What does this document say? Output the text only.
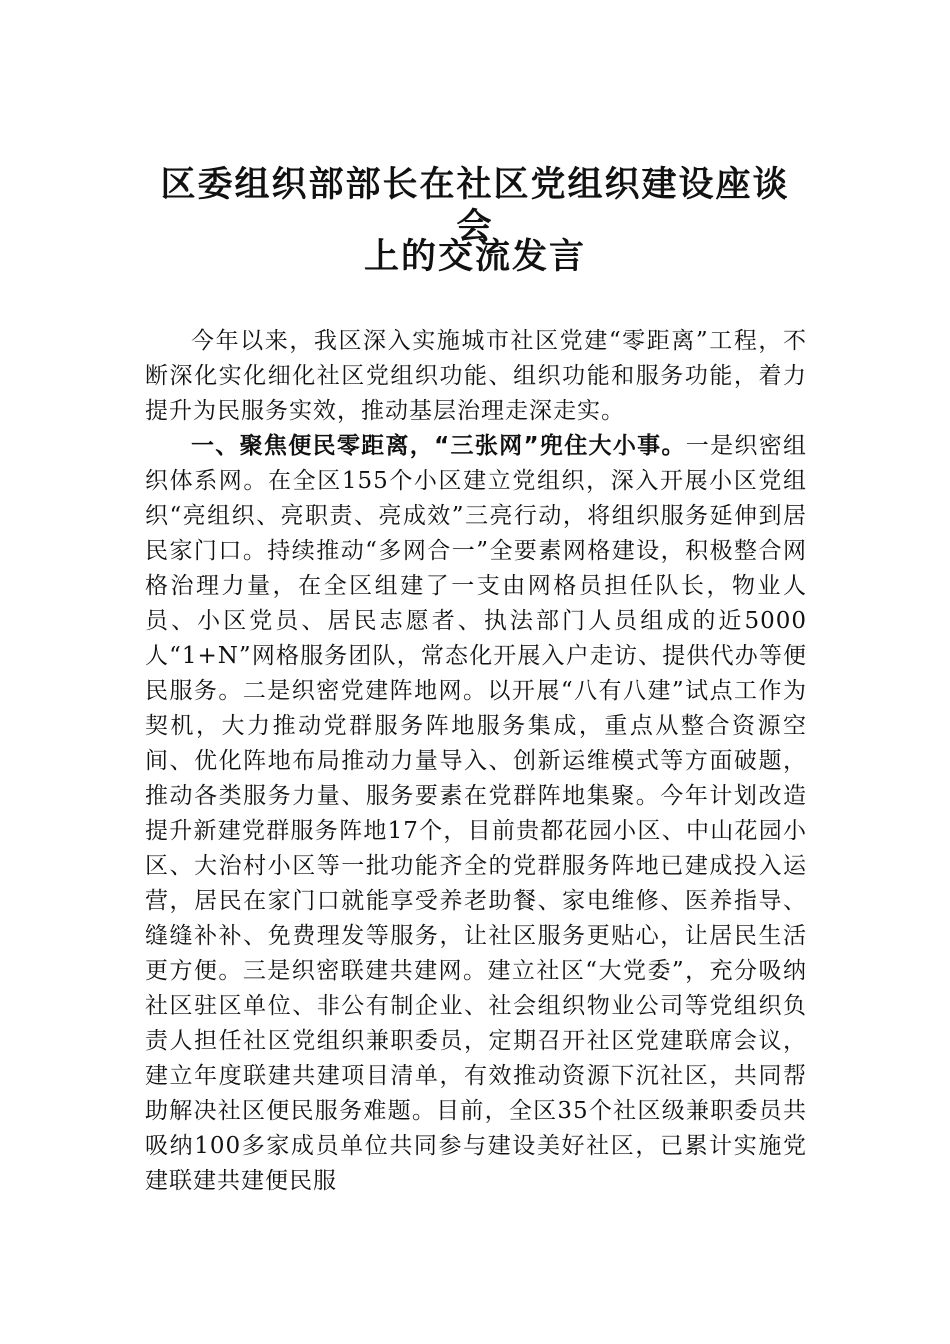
区委组织部部长在社区党组织建设座谈会
上的交流发言

今年以来，我区深入实施城市社区党建“零距离”工程，不断深化实化细化社区党组织功能、组织功能和服务功能，着力提升为民服务实效，推动基层治理走深走实。

一、聚焦便民零距离，“三张网”兜住大小事。一是织密组织体系网。在全区155个小区建立党组织，深入开展小区党组织“亮组织、亮职责、亮成效”三亮行动，将组织服务延伸到居民家门口。持续推动“多网合一”全要素网格建设，积极整合网格治理力量，在全区组建了一支由网格员担任队长，物业人员、小区党员、居民志愿者、执法部门人员组成的近5000人“1+N”网格服务团队，常态化开展入户走访、提供代办等便民服务。二是织密党建阵地网。以开展“八有八建”试点工作为契机，大力推动党群服务阵地服务集成，重点从整合资源空间、优化阵地布局推动力量导入、创新运维模式等方面破题，推动各类服务力量、服务要素在党群阵地集聚。今年计划改造提升新建党群服务阵地17个，目前贵都花园小区、中山花园小区、大治村小区等一批功能齐全的党群服务阵地已建成投入运营，居民在家门口就能享受养老助餐、家电维修、医养指导、缝缝补补、免费理发等服务，让社区服务更贴心，让居民生活更方便。三是织密联建共建网。建立社区“大党委”，充分吸纳社区驻区单位、非公有制企业、社会组织物业公司等党组织负责人担任社区党组织兼职委员，定期召开社区党建联席会议，建立年度联建共建项目清单，有效推动资源下沉社区，共同帮助解决社区便民服务难题。目前，全区35个社区级兼职委员共吸纳100多家成员单位共同参与建设美好社区，已累计实施党建联建共建便民服
